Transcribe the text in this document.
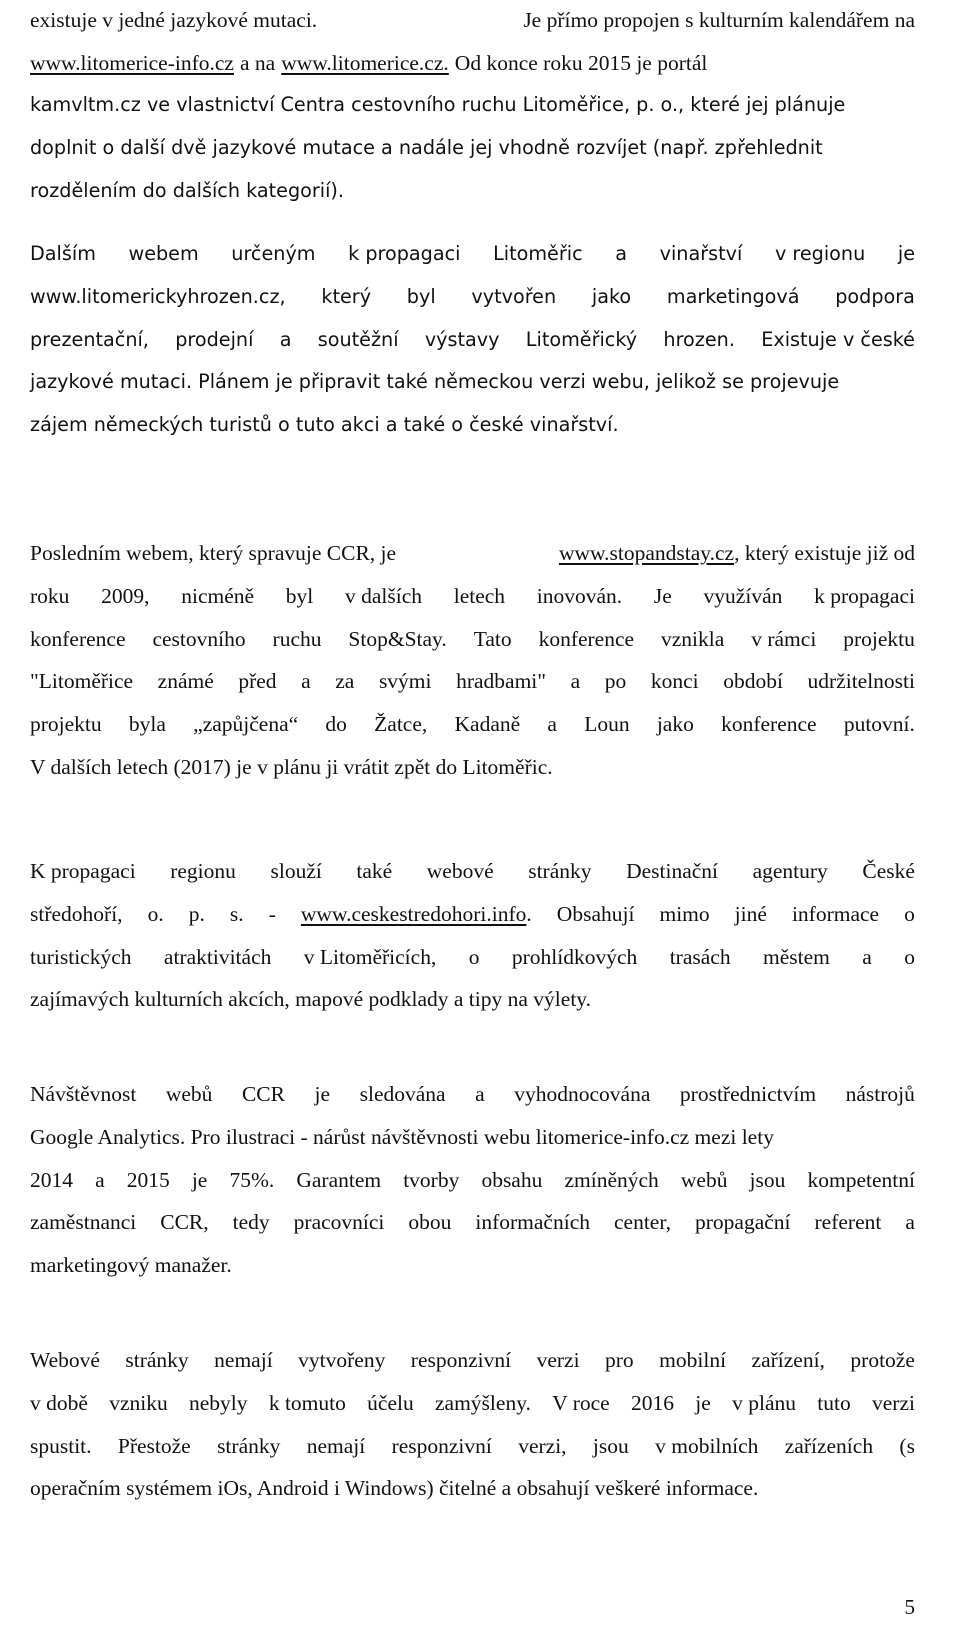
existuje v jedné jazykové mutaci.	Je přímo propojen s kulturním kalendářem na
www.litomerice-info.cz a na www.litomerice.cz. Od konce roku 2015 je portál
kamvltm.cz ve vlastnictví Centra cestovního ruchu Litoměřice, p. o., které jej plánuje
doplnit o další dvě jazykové mutace a nadále jej vhodně rozvíjet (např. zpřehlednit
rozdělením do dalších kategorií).
Dalším webem určeným k propagaci Litoměřic a vinařství v regionu je
www.litomerickyhrozen.cz, který byl vytvořen jako marketingová podpora
prezentační, prodejní a soutěžní výstavy Litoměřický hrozen. Existuje v české
jazykové mutaci. Plánem je připravit také německou verzi webu, jelikož se projevuje
zájem německých turistů o tuto akci a také o české vinařství.
Posledním webem, který spravuje CCR, je	www.stopandstay.cz, který existuje již od
roku 2009, nicméně byl v dalších letech inovován. Je využíván k propagaci
konference cestovního ruchu Stop&Stay. Tato konference vznikla v rámci projektu
"Litoměřice známé před a za svými hradbami" a po konci období udržitelnosti
projektu byla „zapůjčena“ do Žatce, Kadaně a Loun jako konference putovní.
V dalších letech (2017) je v plánu ji vrátit zpět do Litoměřic.
K propagaci regionu slouží také webové stránky Destinační agentury České
středohoří, o. p. s. - www.ceskestredohori.info. Obsahují mimo jiné informace o
turistických atraktivitách v Litoměřicích, o prohlídkových trasách městem a o
zajímavých kulturních akcích, mapové podklady a tipy na výlety.
Návštěvnost webů CCR je sledována a vyhodnocována prostřednictvím nástrojů
Google Analytics. Pro ilustraci - nárůst návštěvnosti webu litomerice-info.cz mezi lety
2014 a 2015 je 75%. Garantem tvorby obsahu zmíněných webů jsou kompetentní
zaměstnanci CCR, tedy pracovníci obou informačních center, propagační referent a
marketingový manažer.
Webové stránky nemají vytvořeny responzivní verzi pro mobilní zařízení, protože
v době vzniku nebyly k tomuto účelu zamýšleny. V roce 2016 je v plánu tuto verzi
spustit. Přestože stránky nemají responzivní verzi, jsou v mobilních zařízeních (s
operačním systémem iOs, Android i Windows) čitelné a obsahují veškeré informace.
5
